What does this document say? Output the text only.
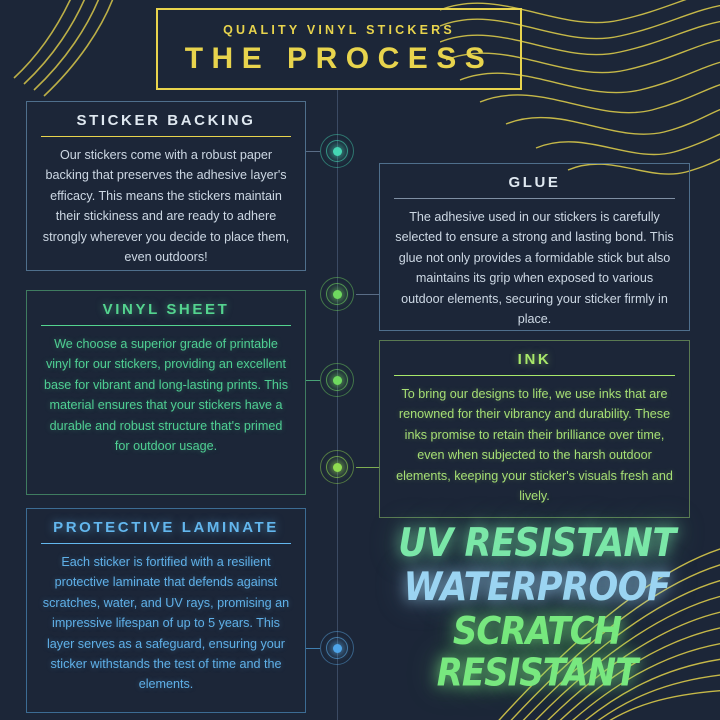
QUALITY VINYL STICKERS
THE PROCESS
STICKER BACKING
Our stickers come with a robust paper backing that preserves the adhesive layer's efficacy. This means the stickers maintain their stickiness and are ready to adhere strongly wherever you decide to place them, even outdoors!
GLUE
The adhesive used in our stickers is carefully selected to ensure a strong and lasting bond. This glue not only provides a formidable stick but also maintains its grip when exposed to various outdoor elements, securing your sticker firmly in place.
VINYL SHEET
We choose a superior grade of printable vinyl for our stickers, providing an excellent base for vibrant and long-lasting prints. This material ensures that your stickers have a durable and robust structure that's primed for outdoor usage.
INK
To bring our designs to life, we use inks that are renowned for their vibrancy and durability. These inks promise to retain their brilliance over time, even when subjected to the harsh outdoor elements, keeping your sticker's visuals fresh and lively.
PROTECTIVE LAMINATE
Each sticker is fortified with a resilient protective laminate that defends against scratches, water, and UV rays, promising an impressive lifespan of up to 5 years. This layer serves as a safeguard, ensuring your sticker withstands the test of time and the elements.
UV RESISTANT
WATERPROOF
SCRATCH RESISTANT
